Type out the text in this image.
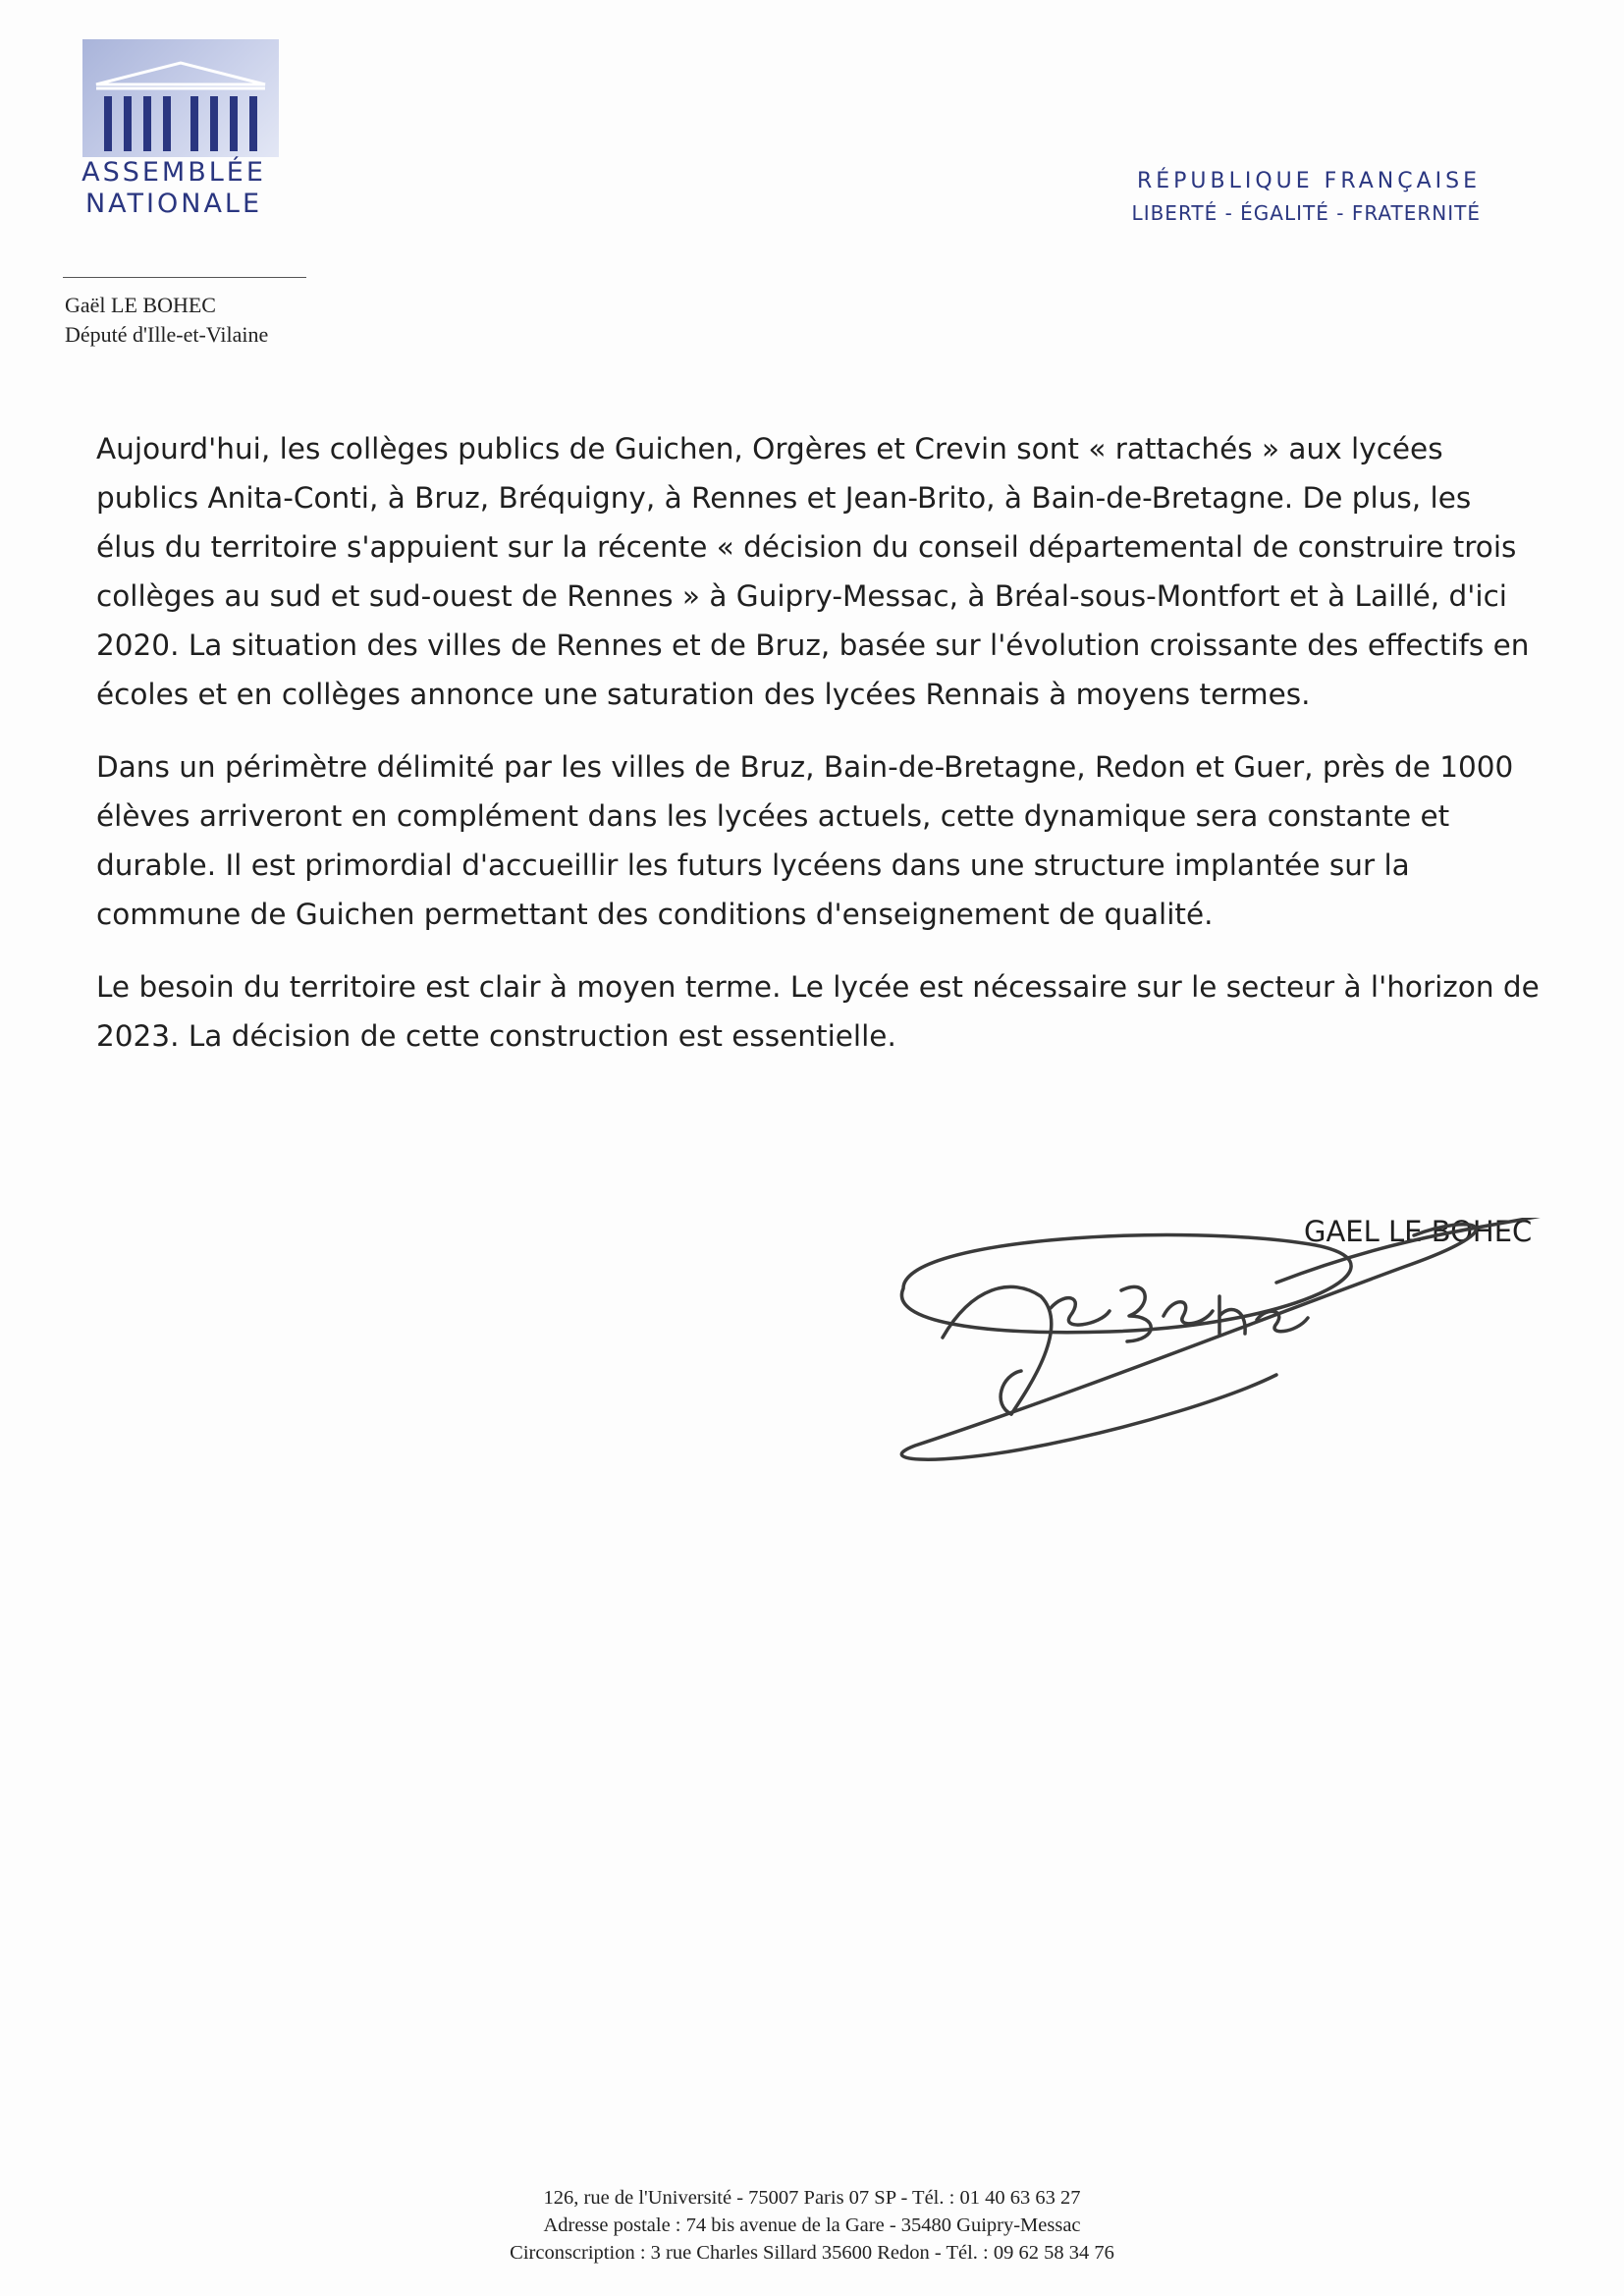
ASSEMBLÉE
NATIONALE
RÉPUBLIQUE FRANÇAISE
LIBERTÉ - ÉGALITÉ - FRATERNITÉ
Gaël LE BOHEC
Député d'Ille-et-Vilaine

Aujourd'hui, les collèges publics de Guichen, Orgères et Crevin sont « rattachés » aux lycées publics Anita-Conti, à Bruz, Bréquigny, à Rennes et Jean-Brito, à Bain-de-Bretagne. De plus, les élus du territoire s'appuient sur la récente « décision du conseil départemental de construire trois collèges au sud et sud-ouest de Rennes » à Guipry-Messac, à Bréal-sous-Montfort et à Laillé, d'ici 2020. La situation des villes de Rennes et de Bruz, basée sur l'évolution croissante des effectifs en écoles et en collèges annonce une saturation des lycées Rennais à moyens termes.

Dans un périmètre délimité par les villes de Bruz, Bain-de-Bretagne, Redon et Guer, près de 1000 élèves arriveront en complément dans les lycées actuels, cette dynamique sera constante et durable. Il est primordial d'accueillir les futurs lycéens dans une structure implantée sur la commune de Guichen permettant des conditions d'enseignement de qualité.

Le besoin du territoire est clair à moyen terme. Le lycée est nécessaire sur le secteur à l'horizon de 2023. La décision de cette construction est essentielle.

GAEL LE BOHEC
126, rue de l'Université - 75007 Paris 07 SP - Tél. : 01 40 63 63 27
Adresse postale : 74 bis avenue de la Gare - 35480 Guipry-Messac
Circonscription : 3 rue Charles Sillard 35600 Redon - Tél. : 09 62 58 34 76
